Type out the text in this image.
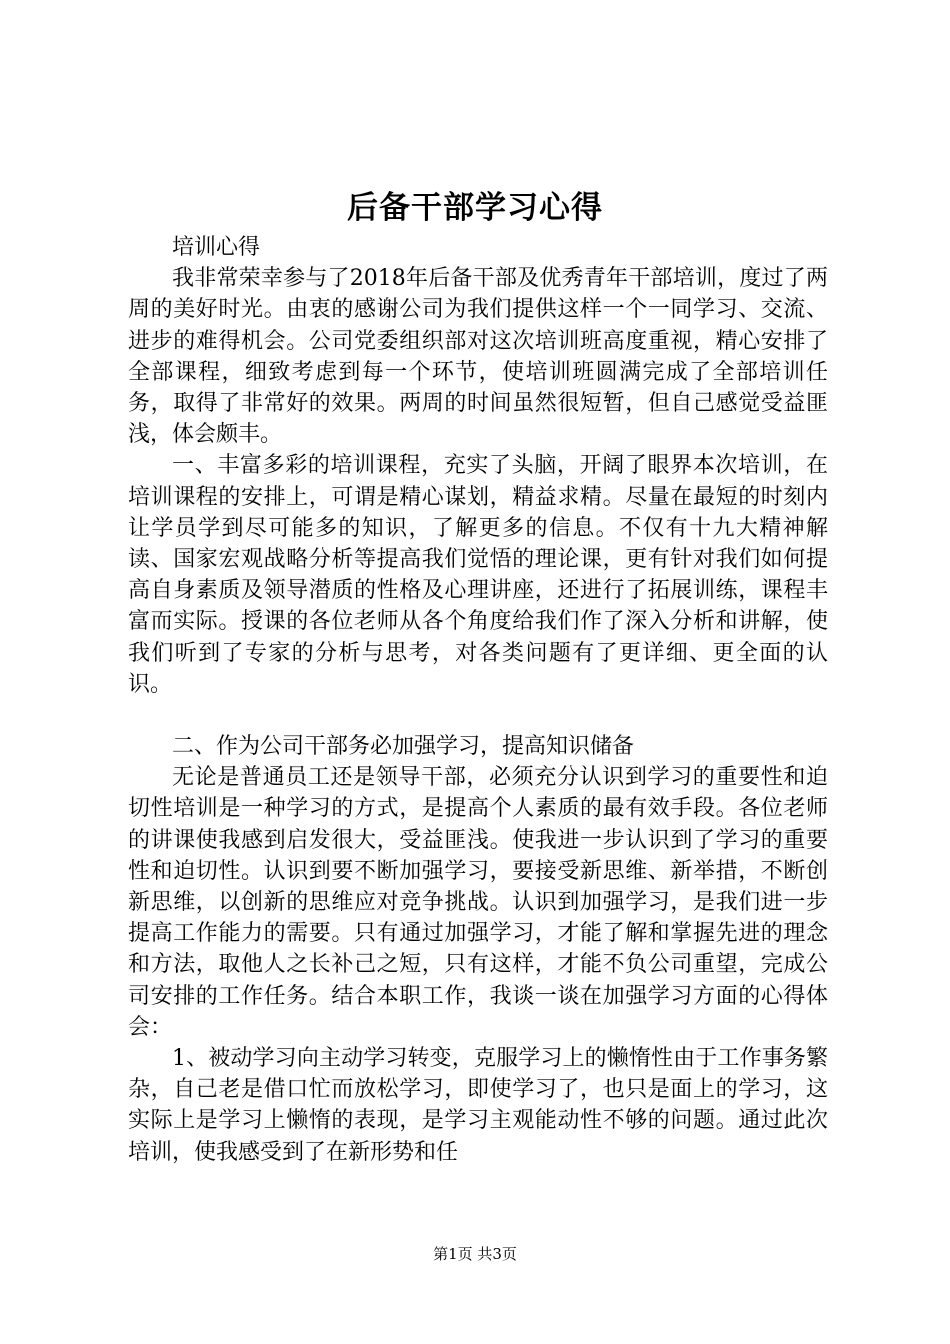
后备干部学习心得

培训心得

我非常荣幸参与了2018年后备干部及优秀青年干部培训，度过了两周的美好时光。由衷的感谢公司为我们提供这样一个一同学习、交流、进步的难得机会。公司党委组织部对这次培训班高度重视，精心安排了全部课程，细致考虑到每一个环节，使培训班圆满完成了全部培训任务，取得了非常好的效果。两周的时间虽然很短暂，但自己感觉受益匪浅，体会颇丰。

一、丰富多彩的培训课程，充实了头脑，开阔了眼界本次培训，在培训课程的安排上，可谓是精心谋划，精益求精。尽量在最短的时刻内让学员学到尽可能多的知识，了解更多的信息。不仅有十九大精神解读、国家宏观战略分析等提高我们觉悟的理论课，更有针对我们如何提高自身素质及领导潜质的性格及心理讲座，还进行了拓展训练，课程丰富而实际。授课的各位老师从各个角度给我们作了深入分析和讲解，使我们听到了专家的分析与思考，对各类问题有了更详细、更全面的认识。

二、作为公司干部务必加强学习，提高知识储备

无论是普通员工还是领导干部，必须充分认识到学习的重要性和迫切性培训是一种学习的方式，是提高个人素质的最有效手段。各位老师的讲课使我感到启发很大，受益匪浅。使我进一步认识到了学习的重要性和迫切性。认识到要不断加强学习，要接受新思维、新举措，不断创新思维，以创新的思维应对竞争挑战。认识到加强学习，是我们进一步提高工作能力的需要。只有通过加强学习，才能了解和掌握先进的理念和方法，取他人之长补己之短，只有这样，才能不负公司重望，完成公司安排的工作任务。结合本职工作，我谈一谈在加强学习方面的心得体会：

1、被动学习向主动学习转变，克服学习上的懒惰性由于工作事务繁杂，自己老是借口忙而放松学习，即使学习了，也只是面上的学习，这实际上是学习上懒惰的表现，是学习主观能动性不够的问题。通过此次培训，使我感受到了在新形势和任

第1页 共3页
